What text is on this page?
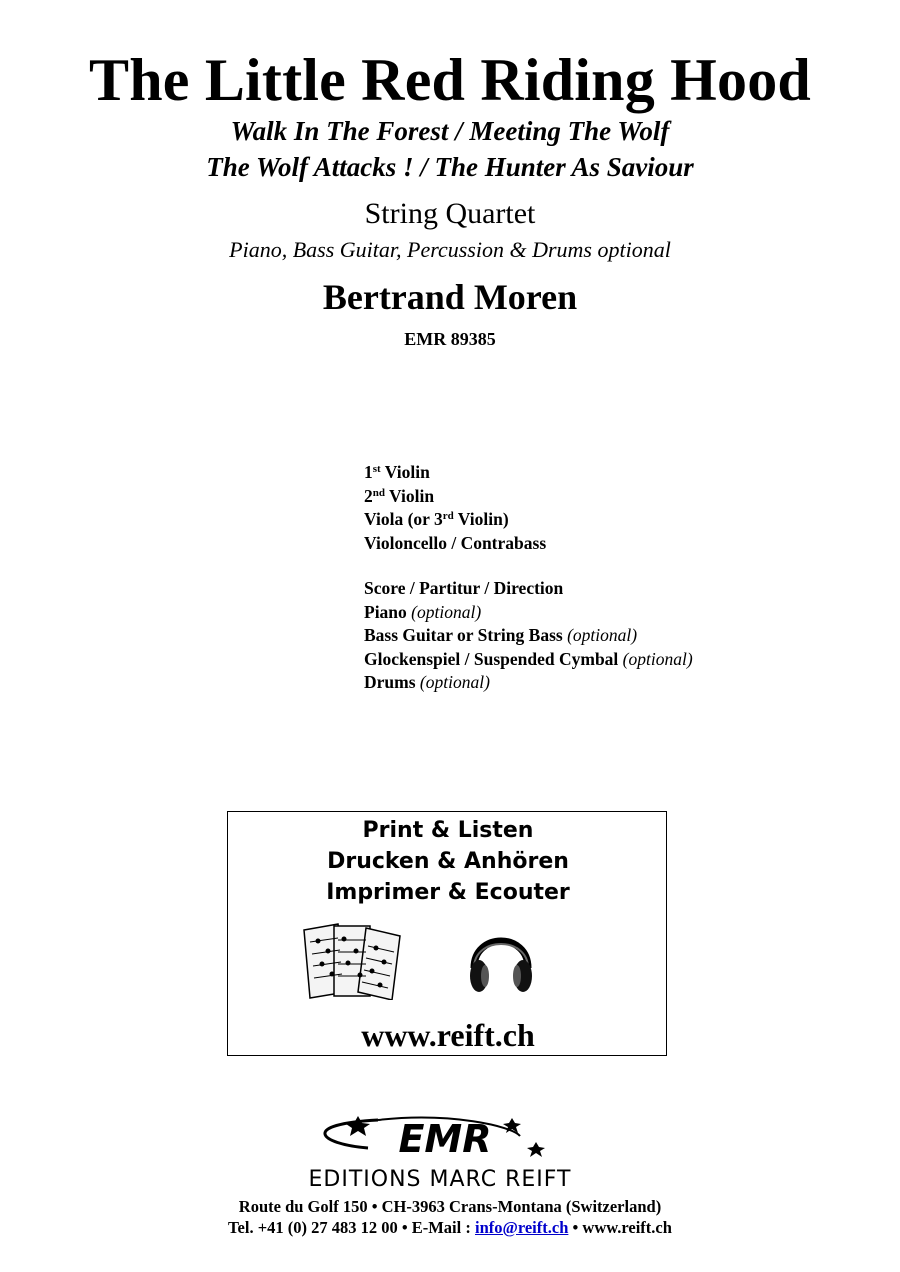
The Little Red Riding Hood
Walk In The Forest / Meeting The Wolf
The Wolf Attacks ! / The Hunter As Saviour
String Quartet
Piano, Bass Guitar, Percussion & Drums optional
Bertrand Moren
EMR 89385
1st Violin
2nd Violin
Viola (or 3rd Violin)
Violoncello / Contrabass
Score / Partitur / Direction
Piano (optional)
Bass Guitar or String Bass (optional)
Glockenspiel / Suspended Cymbal (optional)
Drums (optional)
Print & Listen
Drucken & Anhören
Imprimer & Ecouter
www.reift.ch
EMR
EDITIONS MARC REIFT
Route du Golf 150 • CH-3963 Crans-Montana (Switzerland)
Tel. +41 (0) 27 483 12 00 • E-Mail : info@reift.ch • www.reift.ch
